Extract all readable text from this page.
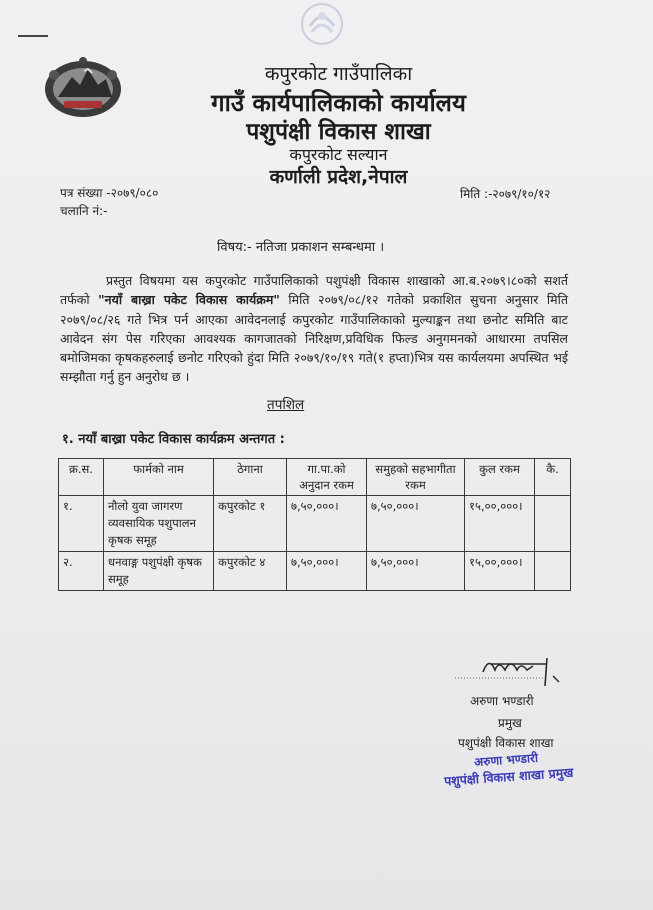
कपुरकोट गाउँपालिका
गाउँ कार्यपालिकाको कार्यालय
पशुपंक्षी विकास शाखा
कपुरकोट सल्यान
कर्णाली प्रदेश,नेपाल
पत्र संख्या -२०७९/०८०
चलानि नं:-
मिति :-२०७९/१०/१२
विषय:- नतिजा प्रकाशन सम्बन्धमा ।
प्रस्तुत विषयमा यस कपुरकोट गाउँपालिकाको पशुपंक्षी विकास शाखाको आ.ब.२०७९।८०को सशर्त तर्फको "नयाँ बाख्रा पकेट विकास कार्यक्रम" मिति २०७९/०८/१२ गतेको प्रकाशित सुचना अनुसार मिति २०७९/०८/२६ गते भित्र पर्न आएका आवेदनलाई कपुरकोट गाउँपालिकाको मुल्याङ्कन तथा छनोट समिति बाट आवेदन संग पेस गरिएका आवश्यक कागजातको निरिक्षण,प्रविधिक फिल्ड अनुगमनको आधारमा तपसिल बमोजिमका कृषकहरुलाई छनोट गरिएको हुंदा मिति २०७९/१०/१९ गते(१ हप्ता)भित्र यस कार्यलयमा अपस्थित भई सम्झौता गर्नु हुन अनुरोध छ ।
तपशिल
१. नयाँ बाख्रा पकेट विकास कार्यक्रम अन्तगत :
क्र.स.	फार्मको नाम	ठेगाना	गा.पा.को अनुदान रकम	समुहको सहभागीता रकम	कुल रकम	कै.
१.	नौलो युवा जागरण व्यवसायिक पशुपालन कृषक समूह	कपुरकोट १	७,५०,०००।	७,५०,०००।	१५,००,०००।	
२.	धनवाङ्ग पशुपंक्षी कृषक समूह	कपुरकोट ४	७,५०,०००।	७,५०,०००।	१५,००,०००।	
अरुणा भण्डारी
प्रमुख
पशुपंक्षी विकास शाखा
अरुणा भण्डारी
पशुपंक्षी विकास शाखा प्रमुख
